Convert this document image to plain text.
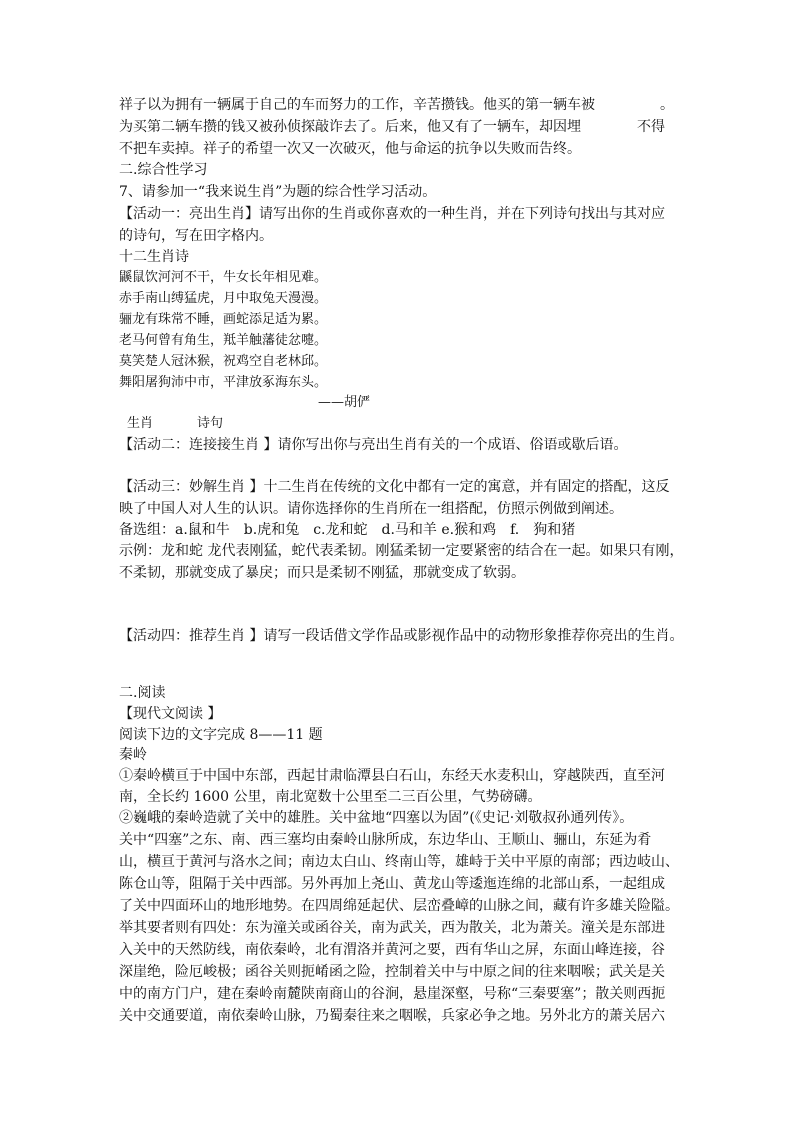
祥子以为拥有一辆属于自己的车而努力的工作，辛苦攒钱。他买的第一辆车被	。
为买第二辆车攒的钱又被孙侦探敲诈去了。后来，他又有了一辆车，却因埋	不得
不把车卖掉。祥子的希望一次又一次破灭，他与命运的抗争以失败而告终。
二.综合性学习
7、请参加一“我来说生肖”为题的综合性学习活动。
【活动一：亮出生肖】请写出你的生肖或你喜欢的一种生肖，并在下列诗句找出与其对应
的诗句，写在田字格内。
十二生肖诗
鼷鼠饮河河不干，牛女长年相见难。
赤手南山缚猛虎，月中取兔天漫漫。
骊龙有珠常不睡，画蛇添足适为累。
老马何曾有角生，羝羊触藩徒忿嚏。
莫笑楚人冠沐猴，祝鸡空自老林邱。
舞阳屠狗沛中市，平津放豖海东头。
——胡俨
生肖	诗句
【活动二：连接接生肖 】请你写出你与亮出生肖有关的一个成语、俗语或歇后语。
【活动三：妙解生肖 】十二生肖在传统的文化中都有一定的寓意，并有固定的搭配，这反
映了中国人对人生的认识。请你选择你的生肖所在一组搭配，仿照示例做到阐述。
备选组：a.鼠和牛　b.虎和兔　c.龙和蛇　d.马和羊 e.猴和鸡　f.　狗和猪
示例：龙和蛇 龙代表刚猛，蛇代表柔韧。刚猛柔韧一定要紧密的结合在一起。如果只有刚，
不柔韧，那就变成了暴戾；而只是柔韧不刚猛，那就变成了软弱。
【活动四：推荐生肖 】请写一段话借文学作品或影视作品中的动物形象推荐你亮出的生肖。
二.阅读
【现代文阅读 】
阅读下边的文字完成 8——11 题
秦岭
①秦岭横亘于中国中东部，西起甘肃临潭县白石山，东经天水麦积山，穿越陕西，直至河
南，全长约 1600 公里，南北宽数十公里至二三百公里，气势磅礴。
②巍峨的秦岭造就了关中的雄胜。关中盆地“四塞以为固”(《史记·刘敬叔孙通列传》。
关中“四塞”之东、南、西三塞均由秦岭山脉所成，东边华山、王顺山、骊山，东延为肴
山，横亘于黄河与洛水之间；南边太白山、终南山等，雄峙于关中平原的南部；西边岐山、
陈仓山等，阻隔于关中西部。另外再加上尧山、黄龙山等逶迤连绵的北部山系，一起组成
了关中四面环山的地形地势。在四周绵延起伏、层峦叠嶂的山脉之间，藏有许多雄关险隘。
举其要者则有四处：东为潼关或函谷关，南为武关，西为散关，北为萧关。潼关是东部进
入关中的天然防线，南依秦岭，北有渭洛并黄河之要，西有华山之屏，东面山峰连接，谷
深崖绝，险厄峻极；函谷关则扼崤函之险，控制着关中与中原之间的往来咽喉；武关是关
中的南方门户，建在秦岭南麓陕南商山的谷涧，悬崖深壑，号称“三秦要塞”；散关则西扼
关中交通要道，南依秦岭山脉，乃蜀秦往来之咽喉，兵家必争之地。另外北方的萧关居六
